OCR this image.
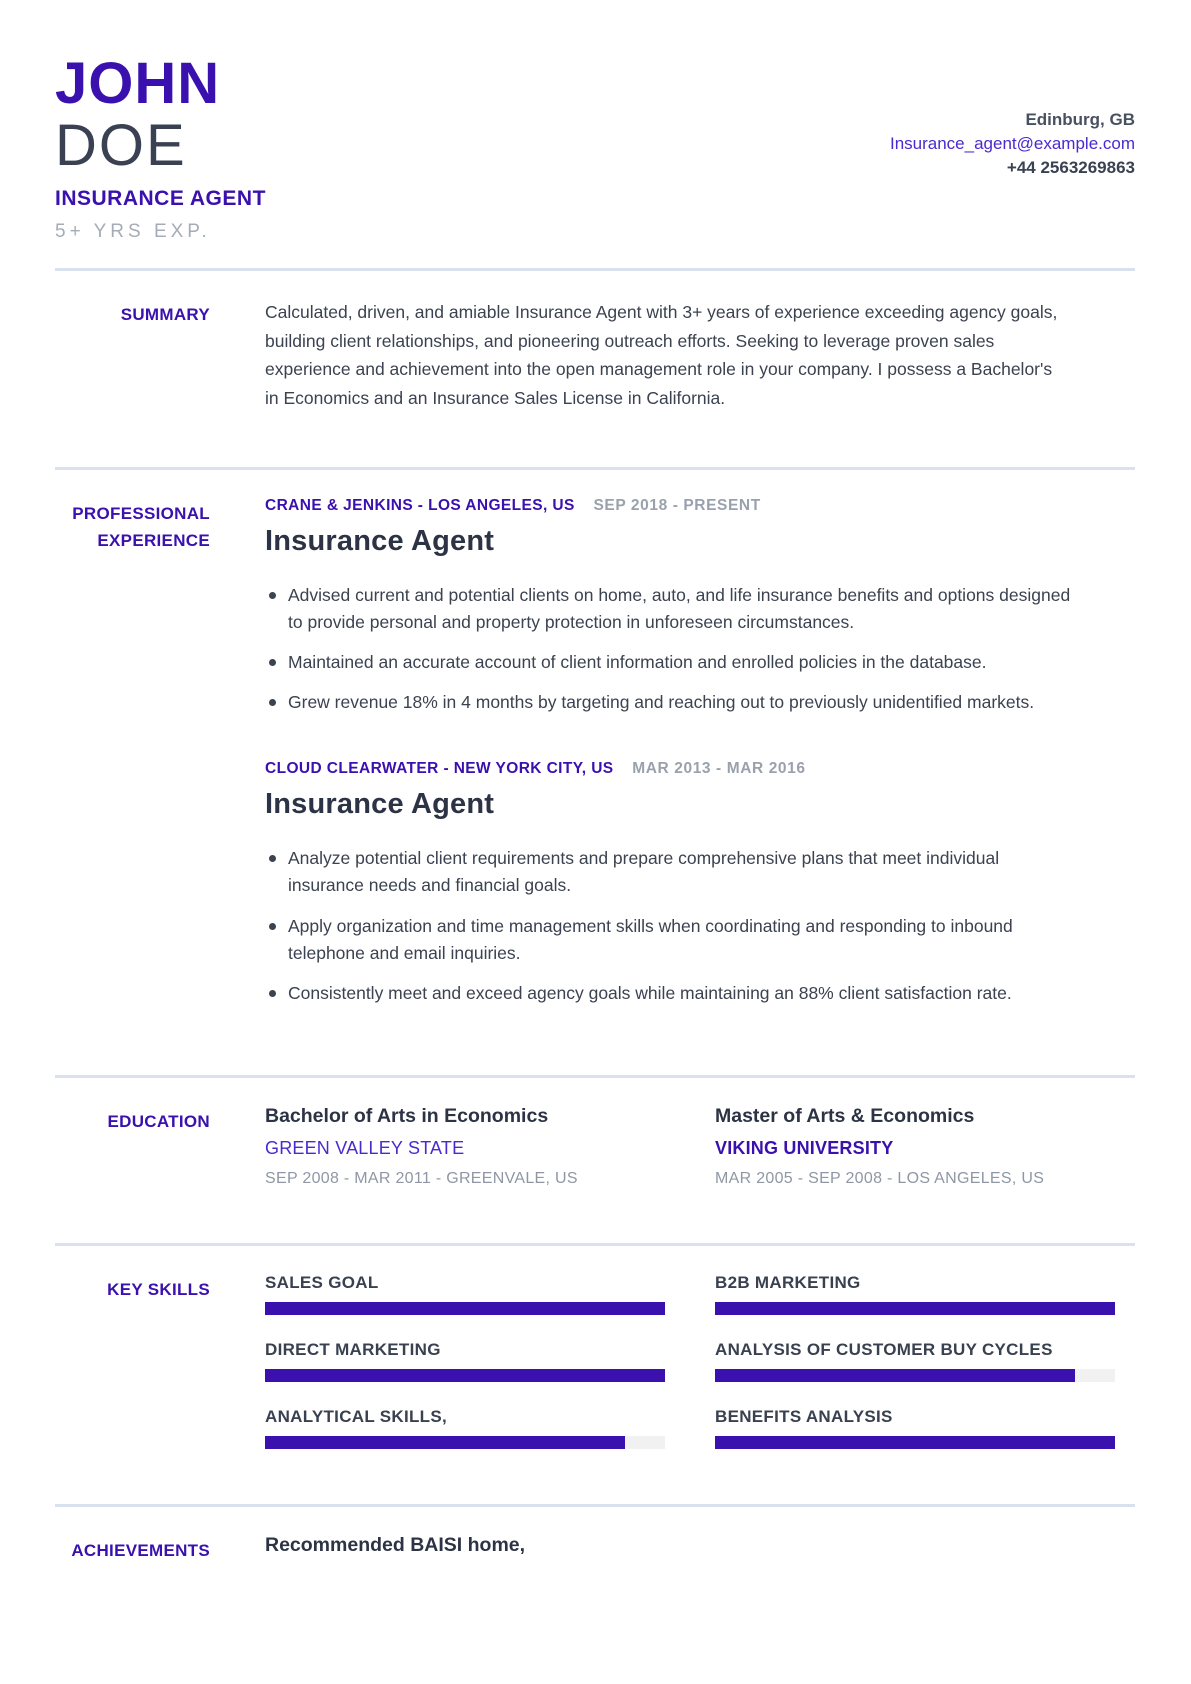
JOHN
DOE
INSURANCE AGENT
5+ YRS EXP.
Edinburg, GB
Insurance_agent@example.com
+44 2563269863
SUMMARY	Calculated, driven, and amiable Insurance Agent with 3+ years of experience exceeding agency goals, building client relationships, and pioneering outreach efforts. Seeking to leverage proven sales experience and achievement into the open management role in your company. I possess a Bachelor's in Economics and an Insurance Sales License in California.
PROFESSIONAL EXPERIENCE
CRANE & JENKINS - LOS ANGELES, US SEP 2018 - PRESENT
Insurance Agent
Advised current and potential clients on home, auto, and life insurance benefits and options designed to provide personal and property protection in unforeseen circumstances.
Maintained an accurate account of client information and enrolled policies in the database.
Grew revenue 18% in 4 months by targeting and reaching out to previously unidentified markets.
CLOUD CLEARWATER - NEW YORK CITY, US MAR 2013 - MAR 2016
Insurance Agent
Analyze potential client requirements and prepare comprehensive plans that meet individual insurance needs and financial goals.
Apply organization and time management skills when coordinating and responding to inbound telephone and email inquiries.
Consistently meet and exceed agency goals while maintaining an 88% client satisfaction rate.
EDUCATION	Bachelor of Arts in Economics
GREEN VALLEY STATE
SEP 2008 - MAR 2011 - GREENVALE, US
Master of Arts & Economics
VIKING UNIVERSITY
MAR 2005 - SEP 2008 - LOS ANGELES, US
KEY SKILLS	SALES GOAL	B2B MARKETING
DIRECT MARKETING	ANALYSIS OF CUSTOMER BUY CYCLES
ANALYTICAL SKILLS,	BENEFITS ANALYSIS
ACHIEVEMENTS	Recommended BAISI home,
